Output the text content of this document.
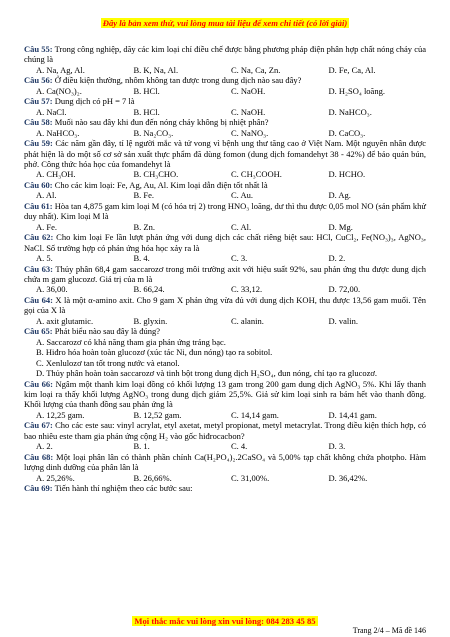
Đây là bản xem thử, vui lòng mua tài liệu để xem chi tiết (có lời giải)

Câu 55: Trong công nghiệp, dãy các kim loại chỉ điều chế được bằng phương pháp điện phân hợp chất nóng chảy của chúng là

A. Na, Ag, Al.	B. K, Na, Al.	C. Na, Ca, Zn.	D. Fe, Ca, Al.

Câu 56: Ở điều kiện thường, nhôm không tan được trong dung dịch nào sau đây?

A. Ca(NO₃)₂.	B. HCl.	C. NaOH.	D. H₂SO₄ loãng.

Câu 57: Dung dịch có pH = 7 là

A. NaCl.	B. HCl.	C. NaOH.	D. NaHCO₃.

Câu 58: Muối nào sau đây khi đun đến nóng chảy không bị nhiệt phân?

A. NaHCO₃.	B. Na₂CO₃.	C. NaNO₃.	D. CaCO₃.

Câu 59: Các năm gần đây, tỉ lệ người mắc và tử vong vì bệnh ung thư tăng cao ở Việt Nam. Một nguyên nhân được phát hiện là do một số cơ sở sản xuất thực phẩm đã dùng fomon (dung dịch fomandehyt 38 - 42%) để bảo quản bún, phở. Công thức hóa học của fomandehyt là

A. CH₃OH.	B. CH₃CHO.	C. CH₃COOH.	D. HCHO.

Câu 60: Cho các kim loại: Fe, Ag, Au, Al. Kim loại dẫn điện tốt nhất là

A. Al.	B. Fe.	C. Au.	D. Ag.

Câu 61: Hòa tan 4,875 gam kim loại M (có hóa trị 2) trong HNO₃ loãng, dư thì thu được 0,05 mol NO (sản phẩm khử duy nhất). Kim loại M là

A. Fe.	B. Zn.	C. Al.	D. Mg.

Câu 62: Cho kim loại Fe lần lượt phản ứng với dung dịch các chất riêng biệt sau: HCl, CuCl₂, Fe(NO₃)₃, AgNO₃, NaCl. Số trường hợp có phản ứng hóa học xảy ra là

A. 5.	B. 4.	C. 3.	D. 2.

Câu 63: Thủy phân 68,4 gam saccarozơ trong môi trường axit với hiệu suất 92%, sau phản ứng thu được dung dịch chứa m gam glucozơ. Giá trị của m là

A. 36,00.	B. 66,24.	C. 33,12.	D. 72,00.

Câu 64: X là một α-amino axit. Cho 9 gam X phản ứng vừa đủ với dung dịch KOH, thu được 13,56 gam muối. Tên gọi của X là

A. axit glutamic.	B. glyxin.	C. alanin.	D. valin.

Câu 65: Phát biểu nào sau đây là đúng?

A. Saccarozơ có khả năng tham gia phản ứng tráng bạc.

B. Hiđro hóa hoàn toàn glucozơ (xúc tác Ni, đun nóng) tạo ra sobitol.

C. Xenlulozơ tan tốt trong nước và etanol.

D. Thủy phân hoàn toàn saccarozơ và tinh bột trong dung dịch H₂SO₄, đun nóng, chỉ tạo ra glucozơ.

Câu 66: Ngâm một thanh kim loại đồng có khối lượng 13 gam trong 200 gam dung dịch AgNO₃ 5%. Khi lấy thanh kim loại ra thấy khối lượng AgNO₃ trong dung dịch giảm 25,5%. Giả sử kim loại sinh ra bám hết vào thanh đồng. Khối lượng của thanh đồng sau phản ứng là

A. 12,25 gam.	B. 12,52 gam.	C. 14,14 gam.	D. 14,41 gam.

Câu 67: Cho các este sau: vinyl acrylat, etyl axetat, metyl propionat, metyl metacrylat. Trong điều kiện thích hợp, có bao nhiêu este tham gia phản ứng cộng H₂ vào gốc hiđrocacbon?

A. 2.	B. 1.	C. 4.	D. 3.

Câu 68: Một loại phân lân có thành phần chính Ca(H₂PO₄)₂.2CaSO₄ và 5,00% tạp chất không chứa photpho. Hàm lượng dinh dưỡng của phân lân là

A. 25,26%.	B. 26,66%.	C. 31,00%.	D. 36,42%.

Câu 69: Tiến hành thí nghiệm theo các bước sau:

Mọi thắc mắc vui lòng xin vui lòng: 084 283 45 85
Trang 2/4 – Mã đề 146
